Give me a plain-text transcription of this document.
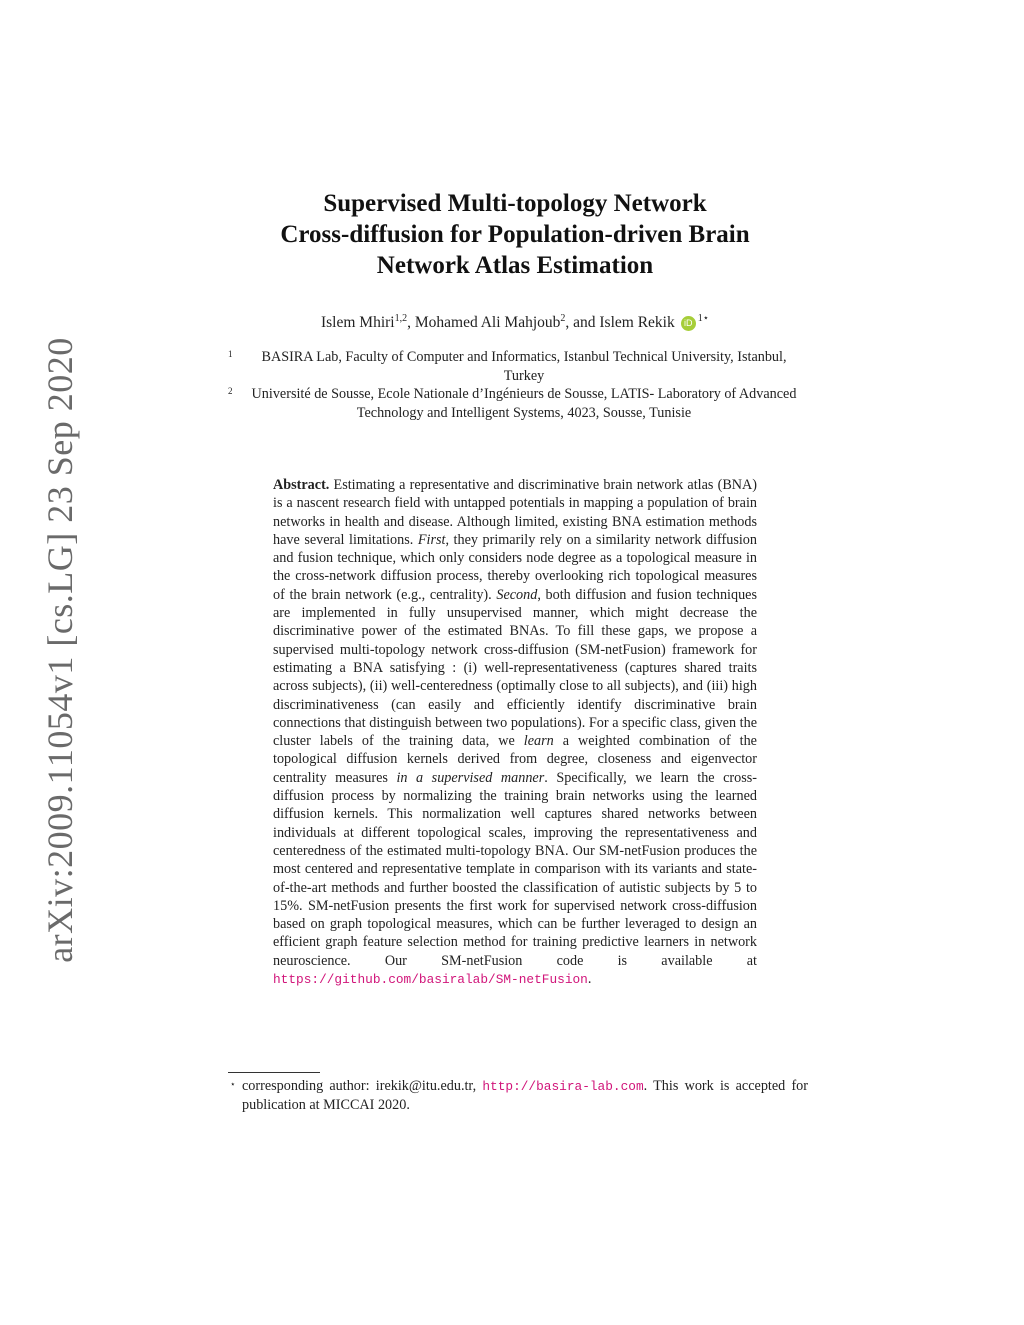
arXiv:2009.11054v1 [cs.LG] 23 Sep 2020
Supervised Multi-topology Network
Cross-diffusion for Population-driven Brain
Network Atlas Estimation
Islem Mhiri$^{1,2}$, Mohamed Ali Mahjoub$^2$, and Islem Rekik iD $^{1⋆}$
1 BASIRA Lab, Faculty of Computer and Informatics, Istanbul Technical University, Istanbul, Turkey
2 Université de Sousse, Ecole Nationale d’Ingénieurs de Sousse, LATIS- Laboratory of Advanced Technology and Intelligent Systems, 4023, Sousse, Tunisie
Abstract. Estimating a representative and discriminative brain network atlas (BNA) is a nascent research field with untapped potentials in mapping a population of brain networks in health and disease. Although limited, existing BNA estimation methods have several limitations. First, they primarily rely on a similarity network diffusion and fusion technique, which only considers node degree as a topological measure in the cross-network diffusion process, thereby overlooking rich topological measures of the brain network (e.g., centrality). Second, both diffusion and fusion techniques are implemented in fully unsupervised manner, which might decrease the discriminative power of the estimated BNAs. To fill these gaps, we propose a supervised multi-topology network cross-diffusion (SM-netFusion) framework for estimating a BNA satisfying : (i) well-representativeness (captures shared traits across subjects), (ii) well-centeredness (optimally close to all subjects), and (iii) high discriminativeness (can easily and efficiently identify discriminative brain connections that distinguish between two populations). For a specific class, given the cluster labels of the training data, we learn a weighted combination of the topological diffusion kernels derived from degree, closeness and eigenvector centrality measures in a supervised manner. Specifically, we learn the cross-diffusion process by normalizing the training brain networks using the learned diffusion kernels. This normalization well captures shared networks between individuals at different topological scales, improving the representativeness and centeredness of the estimated multi-topology BNA. Our SM-netFusion produces the most centered and representative template in comparison with its variants and state-of-the-art methods and further boosted the classification of autistic subjects by 5 to 15%. SM-netFusion presents the first work for supervised network cross-diffusion based on graph topological measures, which can be further leveraged to design an efficient graph feature selection method for training predictive learners in network neuroscience. Our SM-netFusion code is available at https://github.com/basiralab/SM-netFusion.
⋆ corresponding author: irekik@itu.edu.tr, http://basira-lab.com. This work is accepted for publication at MICCAI 2020.
